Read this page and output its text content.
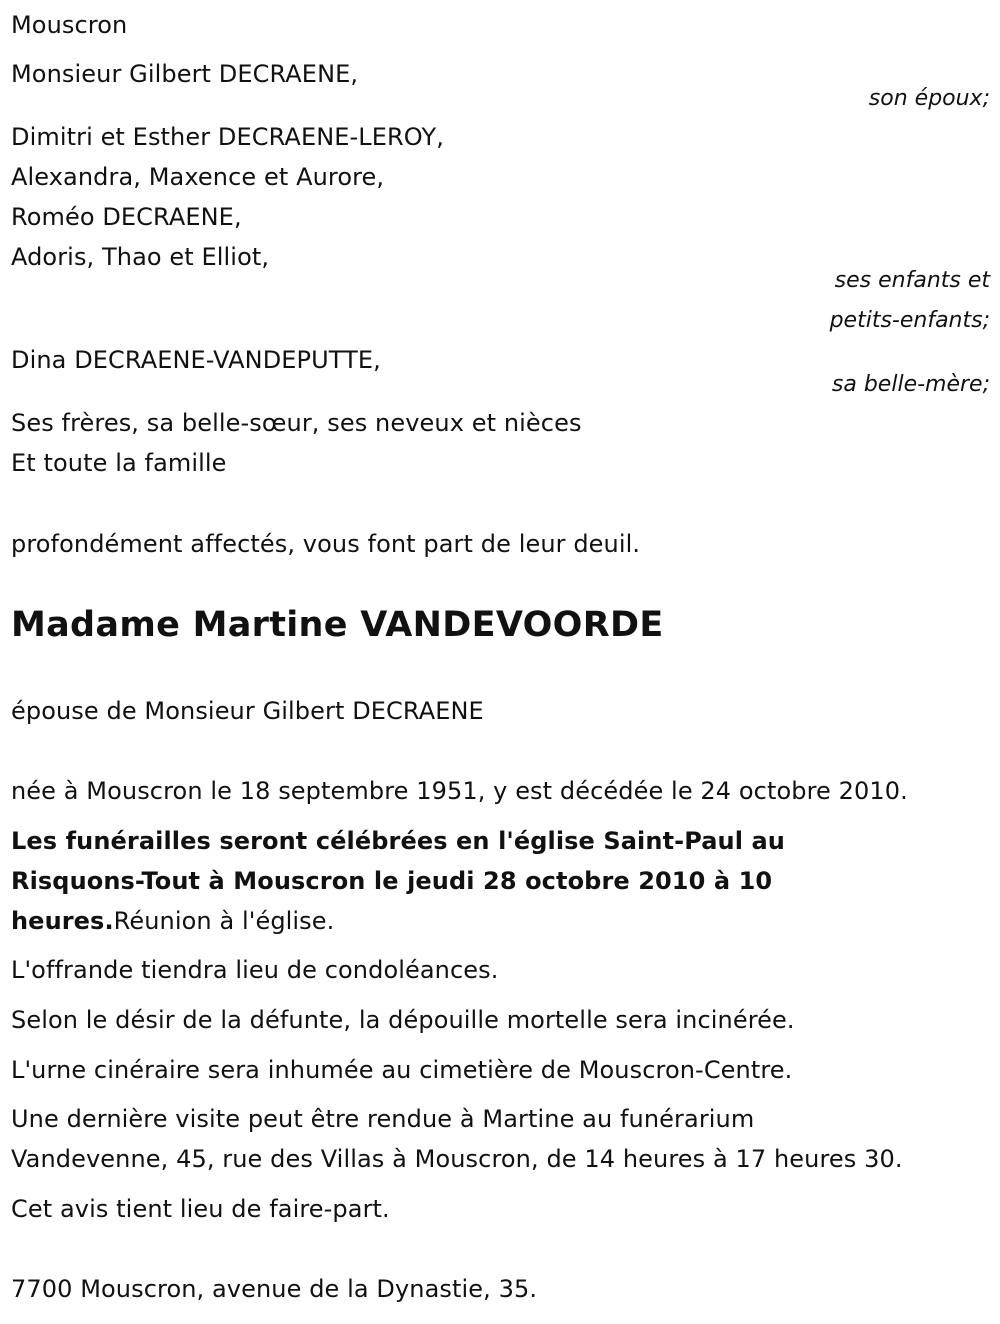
Mouscron
Monsieur Gilbert DECRAENE,
son époux;
Dimitri et Esther DECRAENE-LEROY,
Alexandra, Maxence et Aurore,
Roméo DECRAENE,
Adoris, Thao et Elliot,
ses enfants et
petits-enfants;
Dina DECRAENE-VANDEPUTTE,
sa belle-mère;
Ses frères, sa belle-sœur, ses neveux et nièces
Et toute la famille
profondément affectés, vous font part de leur deuil.
Madame Martine VANDEVOORDE
épouse de Monsieur Gilbert DECRAENE
née à Mouscron le 18 septembre 1951, y est décédée le 24 octobre 2010.
Les funérailles seront célébrées en l'église Saint-Paul au
Risquons-Tout à Mouscron le jeudi 28 octobre 2010 à 10
heures.Réunion à l'église.
L'offrande tiendra lieu de condoléances.
Selon le désir de la défunte, la dépouille mortelle sera incinérée.
L'urne cinéraire sera inhumée au cimetière de Mouscron-Centre.
Une dernière visite peut être rendue à Martine au funérarium
Vandevenne, 45, rue des Villas à Mouscron, de 14 heures à 17 heures 30.
Cet avis tient lieu de faire-part.
7700 Mouscron, avenue de la Dynastie, 35.
